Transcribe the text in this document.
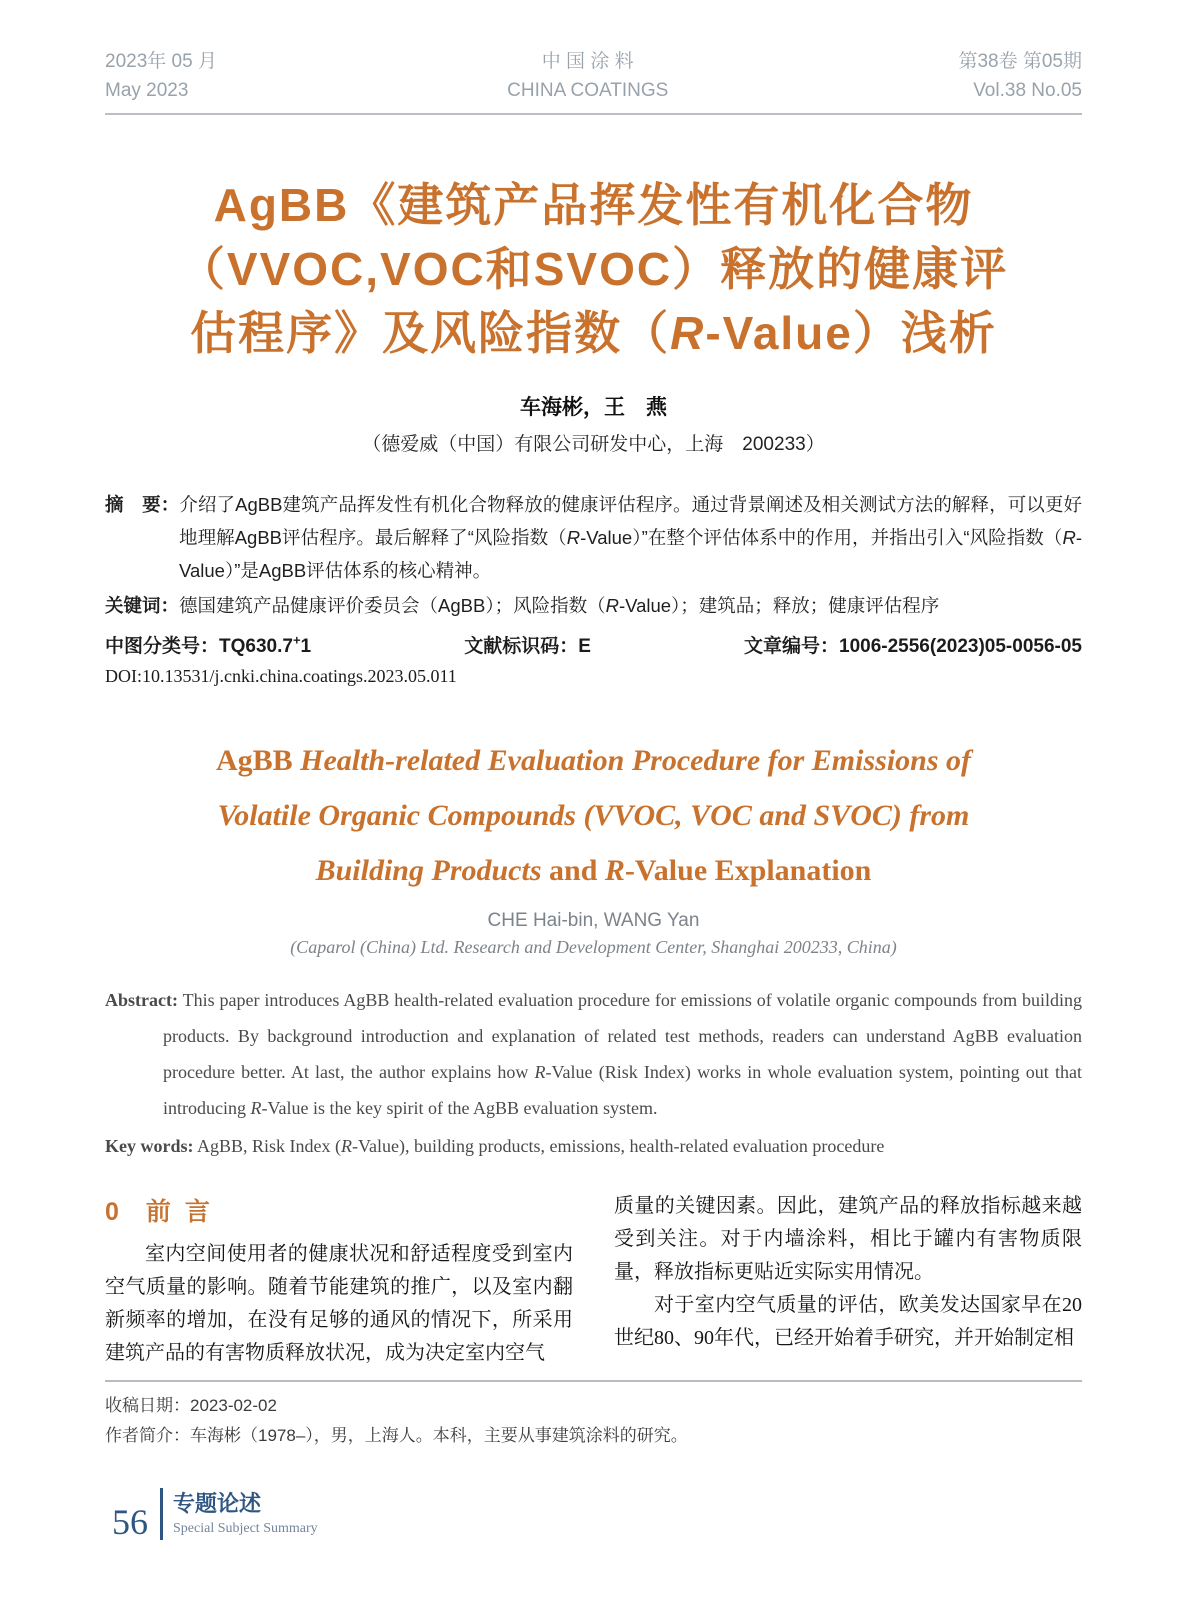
2023年 05 月
May 2023
中 国 涂 料
CHINA COATINGS
第38卷 第05期
Vol.38 No.05
AgBB《建筑产品挥发性有机化合物
（VVOC,VOC和SVOC）释放的健康评
估程序》及风险指数（R-Value）浅析
车海彬，王　燕
（德爱威（中国）有限公司研发中心，上海　200233）
摘　要：介绍了AgBB建筑产品挥发性有机化合物释放的健康评估程序。通过背景阐述及相关测试方法的解释，可以更好地理解AgBB评估程序。最后解释了“风险指数（R-Value）”在整个评估体系中的作用，并指出引入“风险指数（R-Value）”是AgBB评估体系的核心精神。
关键词：德国建筑产品健康评价委员会（AgBB）；风险指数（R-Value）；建筑品；释放；健康评估程序
中图分类号：TQ630.7+1	文献标识码：E	文章编号：1006-2556(2023)05-0056-05
DOI:10.13531/j.cnki.china.coatings.2023.05.011
AgBB Health-related Evaluation Procedure for Emissions of
Volatile Organic Compounds (VVOC, VOC and SVOC) from
Building Products and R-Value Explanation
CHE Hai-bin, WANG Yan
(Caparol (China) Ltd. Research and Development Center, Shanghai 200233, China)
Abstract: This paper introduces AgBB health-related evaluation procedure for emissions of volatile organic compounds from building products. By background introduction and explanation of related test methods, readers can understand AgBB evaluation procedure better. At last, the author explains how R-Value (Risk Index) works in whole evaluation system, pointing out that introducing R-Value is the key spirit of the AgBB evaluation system.
Key words: AgBB, Risk Index (R-Value), building products, emissions, health-related evaluation procedure
0 前言

室内空间使用者的健康状况和舒适程度受到室内空气质量的影响。随着节能建筑的推广，以及室内翻新频率的增加，在没有足够的通风的情况下，所采用建筑产品的有害物质释放状况，成为决定室内空气

质量的关键因素。因此，建筑产品的释放指标越来越受到关注。对于内墙涂料，相比于罐内有害物质限量，释放指标更贴近实际实用情况。

对于室内空气质量的评估，欧美发达国家早在20世纪80、90年代，已经开始着手研究，并开始制定相

收稿日期：2023-02-02
作者简介：车海彬（1978–），男，上海人。本科，主要从事建筑涂料的研究。
56 专题论述
Special Subject Summary
